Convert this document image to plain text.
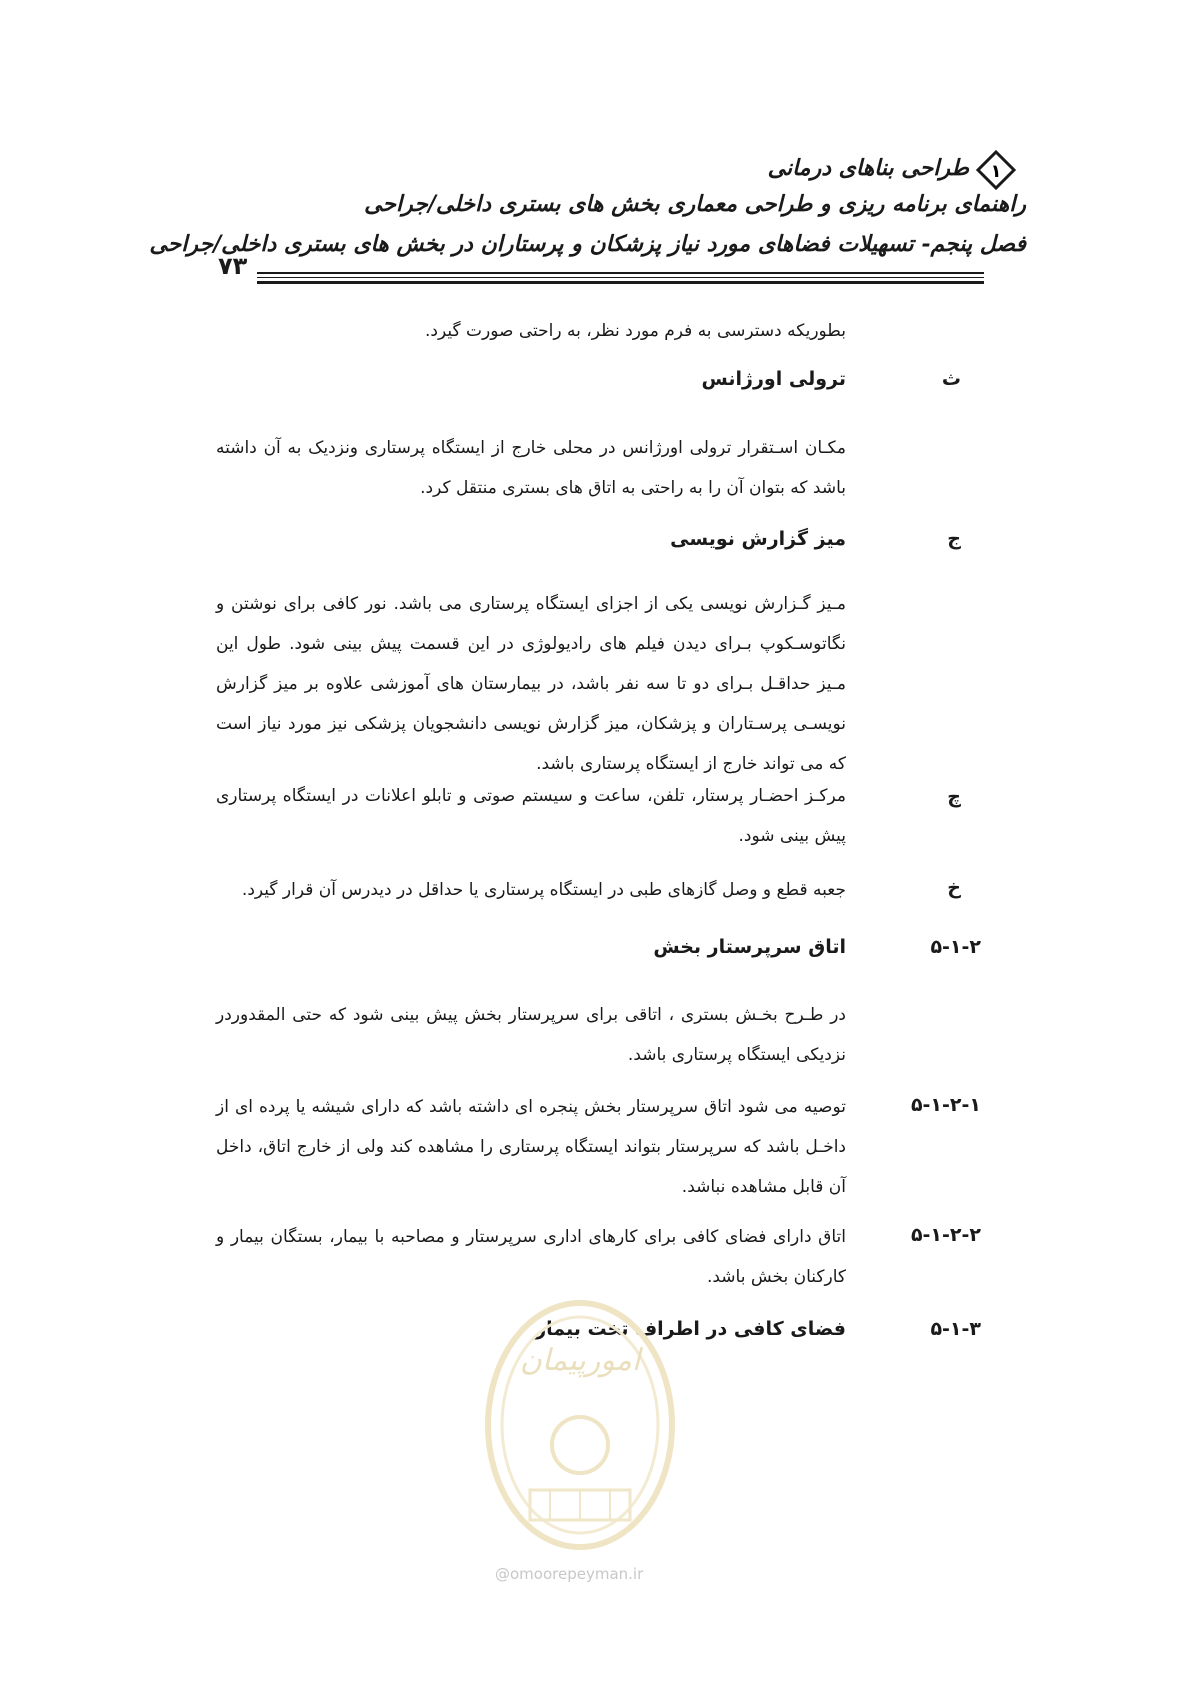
۱
طراحی بناهای درمانی
راهنمای برنامه ریزی و طراحی معماری بخش های بستری داخلی/جراحی
فصل پنجم- تسهیلات فضاهای مورد نیاز پزشکان و پرستاران در بخش های بستری داخلی/جراحی
۷۳
بطوریکه دسترسی به فرم مورد نظر، به راحتی صورت گیرد.
ث
ترولی اورژانس
مکـان اسـتقرار ترولی اورژانس در محلی خارج از ایستگاه پرستاری ونزدیک به آن داشته باشد که بتوان آن را به راحتی به اتاق های بستری منتقل کرد.
ج
میز گزارش نویسی
مـیز گـزارش نویسی یکی از اجزای ایستگاه پرستاری می باشد. نور کافی برای نوشتن و نگاتوسـکوپ بـرای دیدن فیلم های رادیولوژی در این قسمت پیش بینی شود. طول این مـیز حداقـل بـرای دو تا سه نفر باشد، در بیمارستان های آموزشی علاوه بر میز گزارش نویسـی پرسـتاران و پزشکان، میز گزارش نویسی دانشجویان پزشکی نیز مورد نیاز است که می تواند خارج از ایستگاه پرستاری باشد.
چ
مرکـز احضـار پرستار، تلفن، ساعت و سیستم صوتی و تابلو اعلانات در ایستگاه پرستاری پیش بینی شود.
خ
جعبه قطع و وصل گازهای طبی در ایستگاه پرستاری یا حداقل در دیدرس آن قرار گیرد.
۵-۱-۲
اتاق سرپرستار بخش
در طـرح بخـش بستری ، اتاقی برای سرپرستار بخش پیش بینی شود که حتی المقدوردر نزدیکی ایستگاه پرستاری باشد.
۵-۱-۲-۱
توصیه می شود اتاق سرپرستار بخش پنجره ای داشته باشد که دارای شیشه یا پرده ای از داخـل باشد که سرپرستار بتواند ایستگاه پرستاری را مشاهده کند ولی از خارج اتاق، داخل آن قابل مشاهده نباشد.
۵-۱-۲-۲
اتاق دارای فضای کافی برای کارهای اداری سرپرستار و مصاحبه با بیمار، بستگان بیمار و کارکنان بخش باشد.
۵-۱-۳
فضای کافی در اطراف تخت بیمار
امورپیمان
@omoorepeyman.ir
